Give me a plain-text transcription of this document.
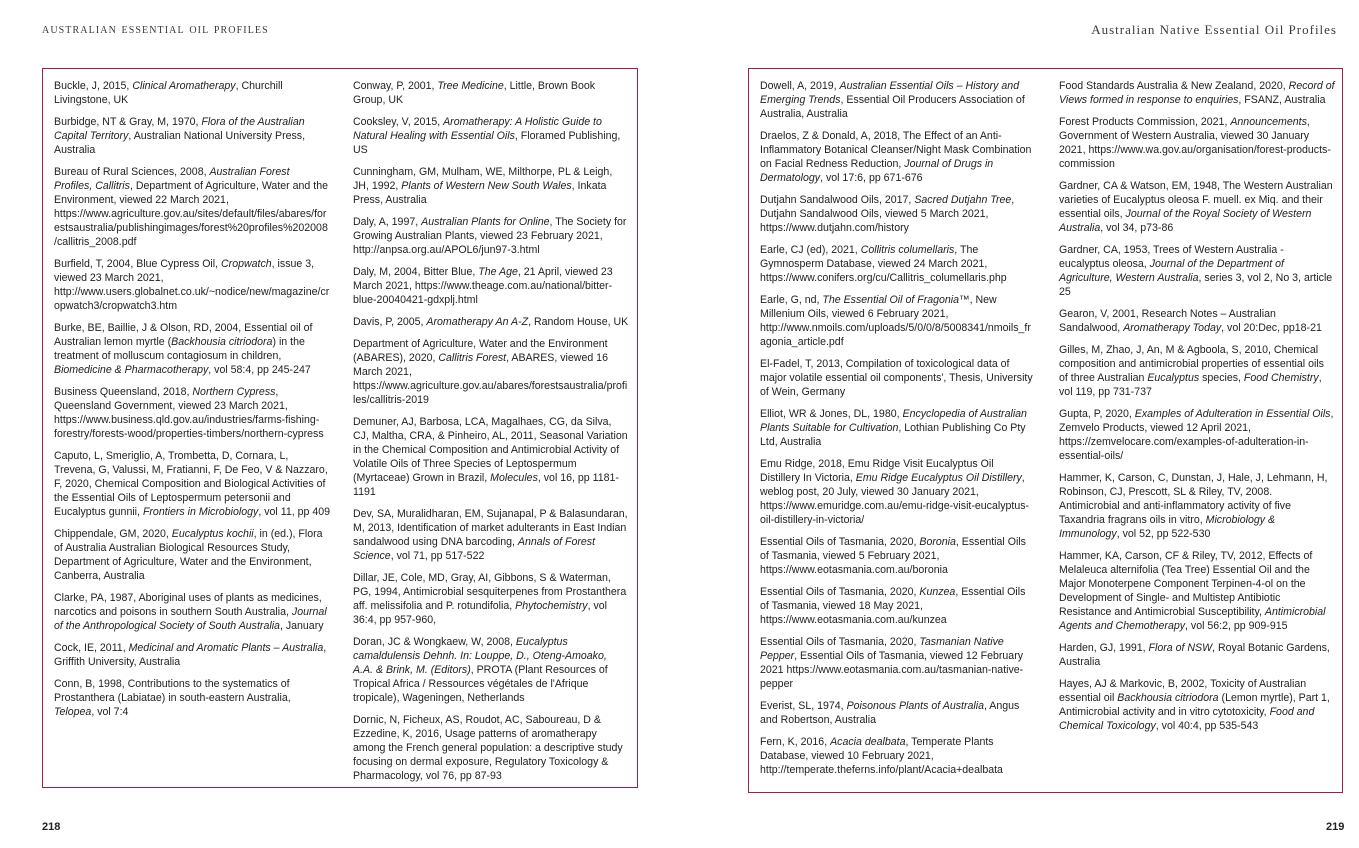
australian essential oil profiles	Australian Native Essential Oil Profiles
Buckle, J, 2015, Clinical Aromatherapy, Churchill Livingstone, UK
Burbidge, NT & Gray, M, 1970, Flora of the Australian Capital Territory, Australian National University Press, Australia
Bureau of Rural Sciences, 2008, Australian Forest Profiles, Callitris, Department of Agriculture, Water and the Environment, viewed 22 March 2021, https://www.agriculture.gov.au/sites/default/files/abares/forestsaustralia/publishingimages/forest%20profiles%202008/callitris_2008.pdf
Burfield, T, 2004, Blue Cypress Oil, Cropwatch, issue 3, viewed 23 March 2021, http://www.users.globalnet.co.uk/~nodice/new/magazine/cropwatch3/cropwatch3.htm
Burke, BE, Baillie, J & Olson, RD, 2004, Essential oil of Australian lemon myrtle (Backhousia citriodora) in the treatment of molluscum contagiosum in children, Biomedicine & Pharmacotherapy, vol 58:4, pp 245-247
Business Queensland, 2018, Northern Cypress, Queensland Government, viewed 23 March 2021, https://www.business.qld.gov.au/industries/farms-fishing-forestry/forests-wood/properties-timbers/northern-cypress
Caputo, L, Smeriglio, A, Trombetta, D, Cornara, L, Trevena, G, Valussi, M, Fratianni, F, De Feo, V & Nazzaro, F, 2020, Chemical Composition and Biological Activities of the Essential Oils of Leptospermum petersonii and Eucalyptus gunnii, Frontiers in Microbiology, vol 11, pp 409
Chippendale, GM, 2020, Eucalyptus kochii, in (ed.), Flora of Australia Australian Biological Resources Study, Department of Agriculture, Water and the Environment, Canberra, Australia
Clarke, PA, 1987, Aboriginal uses of plants as medicines, narcotics and poisons in southern South Australia, Journal of the Anthropological Society of South Australia, January
Cock, IE, 2011, Medicinal and Aromatic Plants – Australia, Griffith University, Australia
Conn, B, 1998, Contributions to the systematics of Prostanthera (Labiatae) in south-eastern Australia, Telopea, vol 7:4
Conway, P, 2001, Tree Medicine, Little, Brown Book Group, UK
Cooksley, V, 2015, Aromatherapy: A Holistic Guide to Natural Healing with Essential Oils, Floramed Publishing, US
Cunningham, GM, Mulham, WE, Milthorpe, PL & Leigh, JH, 1992, Plants of Western New South Wales, Inkata Press, Australia
Daly, A, 1997, Australian Plants for Online, The Society for Growing Australian Plants, viewed 23 February 2021, http://anpsa.org.au/APOL6/jun97-3.html
Daly, M, 2004, Bitter Blue, The Age, 21 April, viewed 23 March 2021, https://www.theage.com.au/national/bitter-blue-20040421-gdxplj.html
Davis, P, 2005, Aromatherapy An A-Z, Random House, UK
Department of Agriculture, Water and the Environment (ABARES), 2020, Callitris Forest, ABARES, viewed 16 March 2021, https://www.agriculture.gov.au/abares/forestsaustralia/profiles/callitris-2019
Demuner, AJ, Barbosa, LCA, Magalhaes, CG, da Silva, CJ, Maltha, CRA, & Pinheiro, AL, 2011, Seasonal Variation in the Chemical Composition and Antimicrobial Activity of Volatile Oils of Three Species of Leptospermum (Myrtaceae) Grown in Brazil, Molecules, vol 16, pp 1181-1191
Dev, SA, Muralidharan, EM, Sujanapal, P & Balasundaran, M, 2013, Identification of market adulterants in East Indian sandalwood using DNA barcoding, Annals of Forest Science, vol 71, pp 517-522
Dillar, JE, Cole, MD, Gray, AI, Gibbons, S & Waterman, PG, 1994, Antimicrobial sesquiterpenes from Prostanthera aff. melissifolia and P. rotundifolia, Phytochemistry, vol 36:4, pp 957-960,
Doran, JC & Wongkaew, W, 2008, Eucalyptus camaldulensis Dehnh. In: Louppe, D., Oteng-Amoako, A.A. & Brink, M. (Editors), PROTA (Plant Resources of Tropical Africa / Ressources végétales de l'Afrique tropicale), Wageningen, Netherlands
Dornic, N, Ficheux, AS, Roudot, AC, Saboureau, D & Ezzedine, K, 2016, Usage patterns of aromatherapy among the French general population: a descriptive study focusing on dermal exposure, Regulatory Toxicology & Pharmacology, vol 76, pp 87-93
Dowell, A, 2019, Australian Essential Oils – History and Emerging Trends, Essential Oil Producers Association of Australia, Australia
Draelos, Z & Donald, A, 2018, The Effect of an Anti-Inflammatory Botanical Cleanser/Night Mask Combination on Facial Redness Reduction, Journal of Drugs in Dermatology, vol 17:6, pp 671-676
Dutjahn Sandalwood Oils, 2017, Sacred Dutjahn Tree, Dutjahn Sandalwood Oils, viewed 5 March 2021, https://www.dutjahn.com/history
Earle, CJ (ed), 2021, Collitris columellaris, The Gymnosperm Database, viewed 24 March 2021, https://www.conifers.org/cu/Callitris_columellaris.php
Earle, G, nd, The Essential Oil of Fragonia™, New Millenium Oils, viewed 6 February 2021, http://www.nmoils.com/uploads/5/0/0/8/5008341/nmoils_fragonia_article.pdf
El-Fadel, T, 2013, Compilation of toxicological data of major volatile essential oil components', Thesis, University of Wein, Germany
Elliot, WR & Jones, DL, 1980, Encyclopedia of Australian Plants Suitable for Cultivation, Lothian Publishing Co Pty Ltd, Australia
Emu Ridge, 2018, Emu Ridge Visit Eucalyptus Oil Distillery In Victoria, Emu Ridge Eucalyptus Oil Distillery, weblog post, 20 July, viewed 30 January 2021, https://www.emuridge.com.au/emu-ridge-visit-eucalyptus-oil-distillery-in-victoria/
Essential Oils of Tasmania, 2020, Boronia, Essential Oils of Tasmania, viewed 5 February 2021, https://www.eotasmania.com.au/boronia
Essential Oils of Tasmania, 2020, Kunzea, Essential Oils of Tasmania, viewed 18 May 2021, https://www.eotasmania.com.au/kunzea
Essential Oils of Tasmania, 2020, Tasmanian Native Pepper, Essential Oils of Tasmania, viewed 12 February 2021 https://www.eotasmania.com.au/tasmanian-native-pepper
Everist, SL, 1974, Poisonous Plants of Australia, Angus and Robertson, Australia
Fern, K, 2016, Acacia dealbata, Temperate Plants Database, viewed 10 February 2021, http://temperate.theferns.info/plant/Acacia+dealbata
Food Standards Australia & New Zealand, 2020, Record of Views formed in response to enquiries, FSANZ, Australia
Forest Products Commission, 2021, Announcements, Government of Western Australia, viewed 30 January 2021, https://www.wa.gov.au/organisation/forest-products-commission
Gardner, CA & Watson, EM, 1948, The Western Australian varieties of Eucalyptus oleosa F. muell. ex Miq. and their essential oils, Journal of the Royal Society of Western Australia, vol 34, p73-86
Gardner, CA, 1953, Trees of Western Australia - eucalyptus oleosa, Journal of the Department of Agriculture, Western Australia, series 3, vol 2, No 3, article 25
Gearon, V, 2001, Research Notes – Australian Sandalwood, Aromatherapy Today, vol 20:Dec, pp18-21
Gilles, M, Zhao, J, An, M & Agboola, S, 2010, Chemical composition and antimicrobial properties of essential oils of three Australian Eucalyptus species, Food Chemistry, vol 119, pp 731-737
Gupta, P, 2020, Examples of Adulteration in Essential Oils, Zemvelo Products, viewed 12 April 2021, https://zemvelocare.com/examples-of-adulteration-in-essential-oils/
Hammer, K, Carson, C, Dunstan, J, Hale, J, Lehmann, H, Robinson, CJ, Prescott, SL & Riley, TV, 2008. Antimicrobial and anti-inflammatory activity of five Taxandria fragrans oils in vitro, Microbiology & Immunology, vol 52, pp 522-530
Hammer, KA, Carson, CF & Riley, TV, 2012, Effects of Melaleuca alternifolia (Tea Tree) Essential Oil and the Major Monoterpene Component Terpinen-4-ol on the Development of Single- and Multistep Antibiotic Resistance and Antimicrobial Susceptibility, Antimicrobial Agents and Chemotherapy, vol 56:2, pp 909-915
Harden, GJ, 1991, Flora of NSW, Royal Botanic Gardens, Australia
Hayes, AJ & Markovic, B, 2002, Toxicity of Australian essential oil Backhousia citriodora (Lemon myrtle), Part 1, Antimicrobial activity and in vitro cytotoxicity, Food and Chemical Toxicology, vol 40:4, pp 535-543
218	219
